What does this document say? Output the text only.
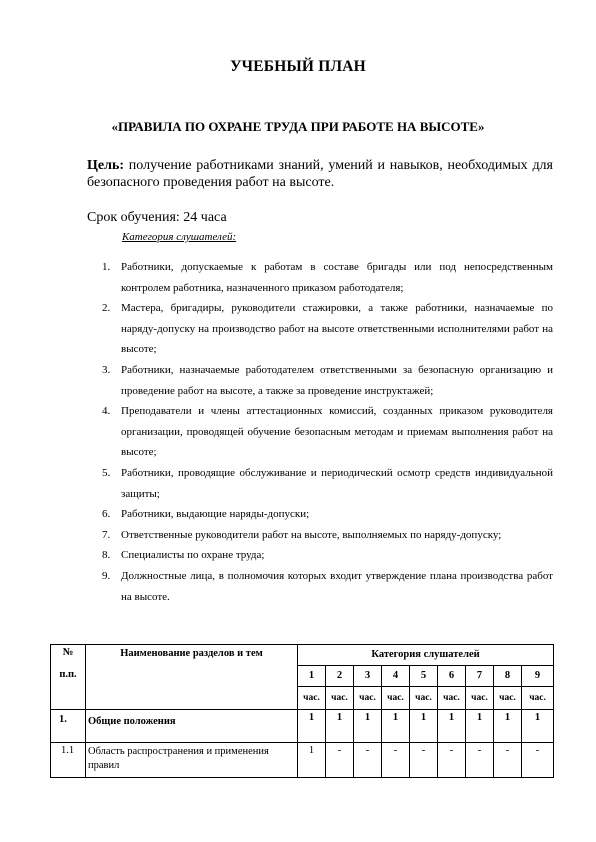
УЧЕБНЫЙ ПЛАН
«ПРАВИЛА ПО ОХРАНЕ ТРУДА ПРИ РАБОТЕ НА ВЫСОТЕ»
Цель: получение работниками знаний, умений и навыков, необходимых для безопасного проведения работ на высоте.
Срок обучения: 24 часа
Категория слушателей:
1. Работники, допускаемые к работам в составе бригады или под непосредственным контролем работника, назначенного приказом работодателя;
2. Мастера, бригадиры, руководители стажировки, а также работники, назначаемые по наряду-допуску на производство работ на высоте ответственными исполнителями работ на высоте;
3. Работники, назначаемые работодателем ответственными за безопасную организацию и проведение работ на высоте, а также за проведение инструктажей;
4. Преподаватели и члены аттестационных комиссий, созданных приказом руководителя организации, проводящей обучение безопасным методам и приемам выполнения работ на высоте;
5. Работники, проводящие обслуживание и периодический осмотр средств индивидуальной защиты;
6. Работники, выдающие наряды-допуски;
7. Ответственные руководители работ на высоте, выполняемых по наряду-допуску;
8. Специалисты по охране труда;
9. Должностные лица, в полномочия которых входит утверждение плана производства работ на высоте.
№
п.п.	Наименование разделов и тем	Категория слушателей								
		1	2	3	4	5	6	7	8	9
		час.	час.	час.	час.	час.	час.	час.	час.	час.
1.	Общие положения	1	1	1	1	1	1	1	1	1
1.1	Область распространения и применения правил	1	-	-	-	-	-	-	-	-
